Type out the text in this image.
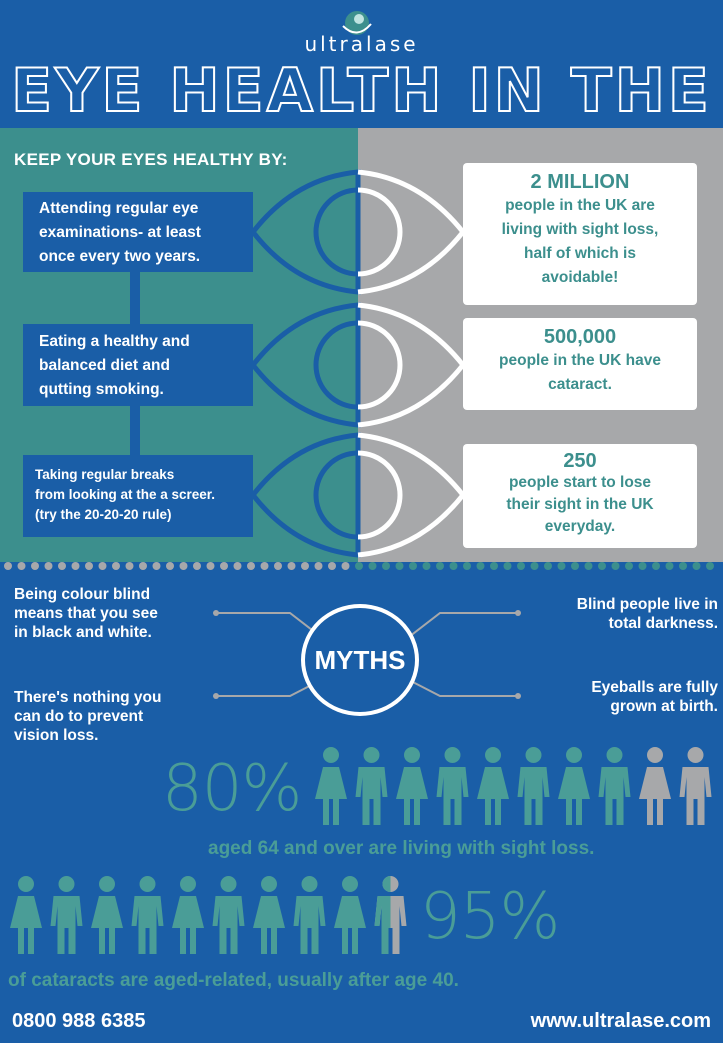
ultralase
EYE HEALTH IN THE
KEEP YOUR EYES HEALTHY BY:
Attending regular eye
examinations- at least
once every two years.
Eating a healthy and
balanced diet and
qutting smoking.
Taking regular breaks
from looking at the a screer.
(try the 20-20-20 rule)
2 MILLION
people in the UK are
living with sight loss,
half of which is
avoidable!
500,000
people in the UK have
cataract.
250
people start to lose
their sight in the UK
everyday.
Being colour blind
means that you see
in black and white.
There's nothing you
can do to prevent
vision loss.
Blind people live in
total darkness.
Eyeballs are fully
grown at birth.
MYTHS
80%
aged 64 and over are living with sight loss.
95%
of cataracts are aged-related, usually after age 40.
0800 988 6385	www.ultralase.com
